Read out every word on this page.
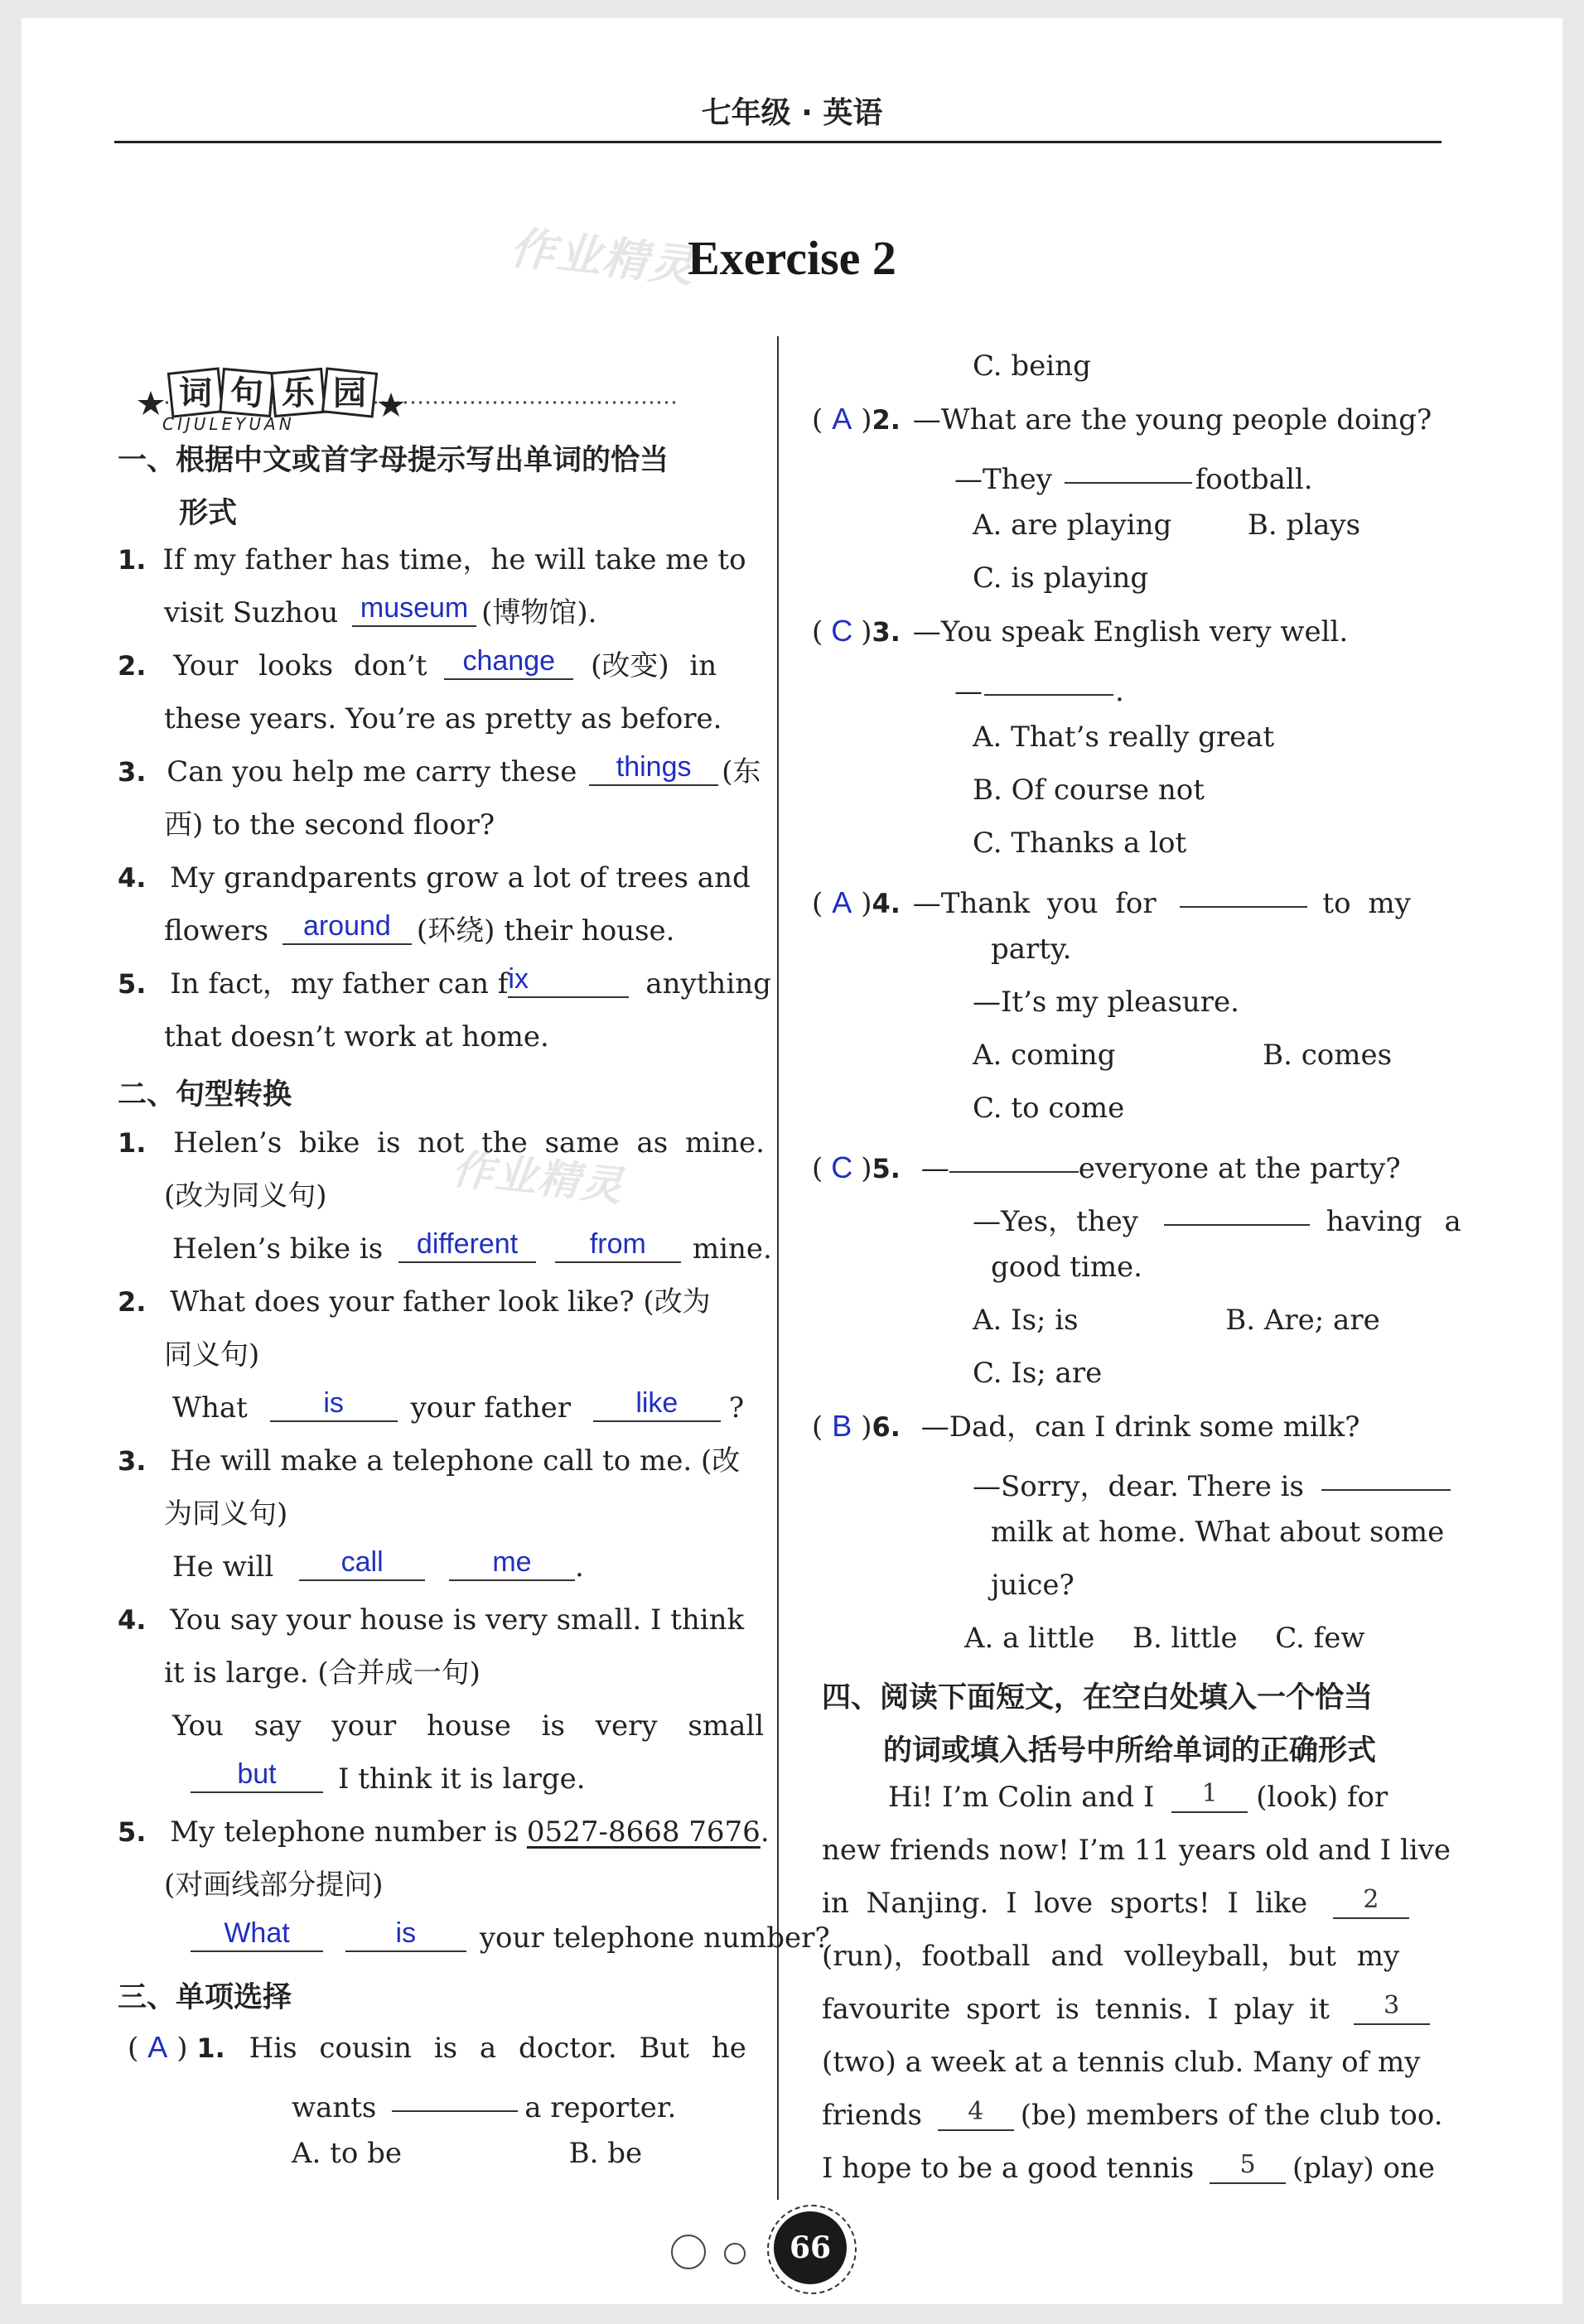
七年级 · 英语
作业精灵
Exercise 2
词 句 乐 园
CIJULEYUAN
一、根据中文或首字母提示写出单词的恰当
形式
1. If my father has time，he will take me to
visit Suzhou museum (博物馆).
2. Your looks don’t change (改变) in
these years. You’re as pretty as before.
3. Can you help me carry these things (东
西) to the second floor?
4. My grandparents grow a lot of trees and
flowers around (环绕) their house.
5. In fact，my father can fix	anything
that doesn’t work at home.
二、句型转换
作业精灵
1. Helen’s bike is not the same as mine.
(改为同义句)
Helen’s bike is different	from mine.
2. What does your father look like? (改为
同义句)
What	is your father like ?
3. He will make a telephone call to me. (改
为同义句)
He will call	me .
4. You say your house is very small. I think
it is large. (合并成一句)
You say your house is very small
but I think it is large.
5. My telephone number is 0527-8668 7676.
(对画线部分提问)
What	is your telephone number?
三、单项选择
( A ) 1. His cousin is a doctor. But he
wants	a reporter.
A. to be	B. be
C. being
( A )2. —What are the young people doing?
—They	football.
A. are playing	B. plays
C. is playing
( C )3. —You speak English very well.
—	.
A. That’s really great
B. Of course not
C. Thanks a lot
( A )4. —Thank you for	to my
party.
—It’s my pleasure.
A. coming	B. comes
C. to come
( C )5. —	everyone at the party?
—Yes，they	having a
good time.
A. Is; is	B. Are; are
C. Is; are
( B )6. —Dad，can I drink some milk?
—Sorry，dear. There is
milk at home. What about some
juice?
A. a little B. little C. few
四、阅读下面短文，在空白处填入一个恰当
的词或填入括号中所给单词的正确形式
Hi! I’m Colin and I 1 (look) for
new friends now! I’m 11 years old and I live
in Nanjing. I love sports! I like 2
(run)，football and volleyball，but my
favourite sport is tennis. I play it 3
(two) a week at a tennis club. Many of my
friends 4 (be) members of the club too.
I hope to be a good tennis 5 (play) one
66
